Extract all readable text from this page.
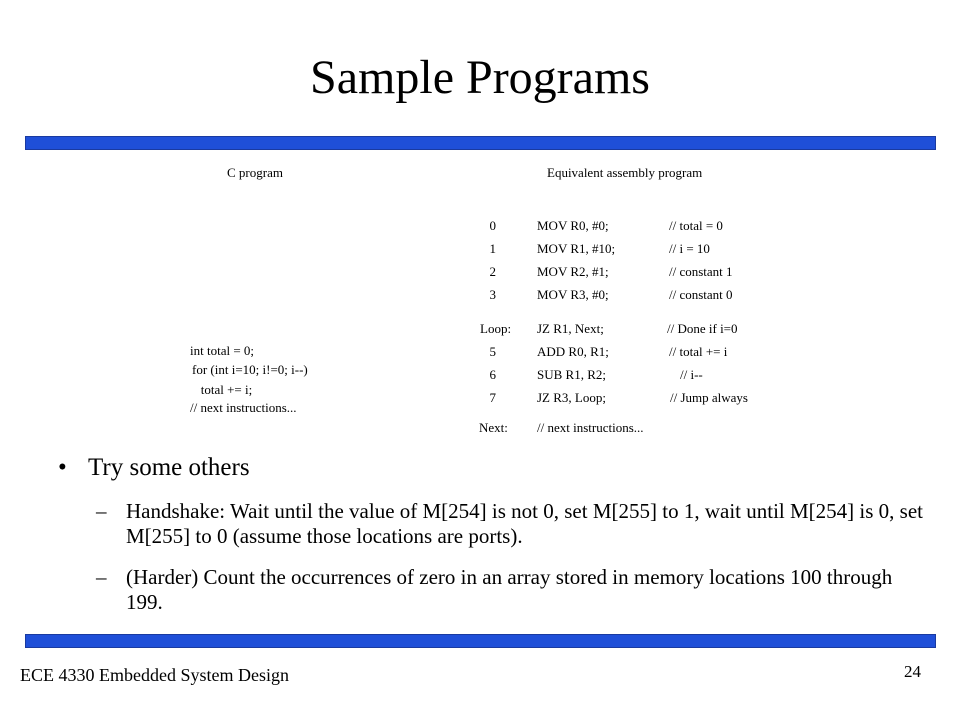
Sample Programs
C program	Equivalent assembly program
int total = 0;
for (int i=10; i!=0; i--)
total += i;
// next instructions...
0	MOV R0, #0;	// total = 0
1	MOV R1, #10;	// i = 10
2	MOV R2, #1;	// constant 1
3	MOV R3, #0;	// constant 0
Loop: JZ R1, Next;	// Done if i=0
5	ADD R0, R1;	// total += i
6	SUB R1, R2;	// i--
7	JZ R3, Loop;	// Jump always
Next: // next instructions...
• Try some others
– Handshake: Wait until the value of M[254] is not 0, set M[255] to 1, wait until M[254] is 0, set M[255] to 0 (assume those locations are ports).
– (Harder) Count the occurrences of zero in an array stored in memory locations 100 through 199.
ECE 4330 Embedded System Design	24
